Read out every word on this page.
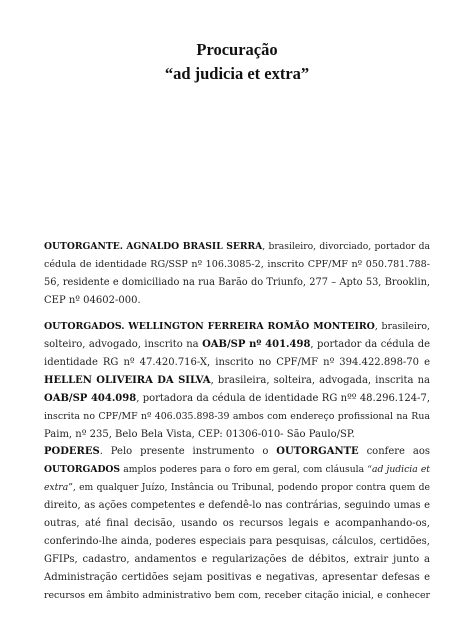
Procuração
“ad judicia et extra”
OUTORGANTE. AGNALDO BRASIL SERRA, brasileiro, divorciado, portador da
cédula de identidade RG/SSP nº 106.3085-2, inscrito CPF/MF nº 050.781.788-
56, residente e domiciliado na rua Barão do Triunfo, 277 – Apto 53, Brooklin,
CEP nº 04602-000.
OUTORGADOS. WELLINGTON FERREIRA ROMÃO MONTEIRO, brasileiro,
solteiro, advogado, inscrito na OAB/SP nº 401.498, portador da cédula de
identidade RG nº 47.420.716-X, inscrito no CPF/MF nº 394.422.898-70 e
HELLEN OLIVEIRA DA SILVA, brasileira, solteira, advogada, inscrita na
OAB/SP 404.098, portadora da cédula de identidade RG nºº 48.296.124-7,
inscrita no CPF/MF nº 406.035.898-39 ambos com endereço profissional na Rua
Paim, nº 235, Belo Bela Vista, CEP: 01306-010- São Paulo/SP.
PODERES. Pelo presente instrumento o OUTORGANTE confere aos
OUTORGADOS amplos poderes para o foro em geral, com cláusula “ad judicia et
extra”, em qualquer Juízo, Instância ou Tribunal, podendo propor contra quem de
direito, as ações competentes e defendê-lo nas contrárias, seguindo umas e
outras, até final decisão, usando os recursos legais e acompanhando-os,
conferindo-lhe ainda, poderes especiais para pesquisas, cálculos, certidões,
GFIPs, cadastro, andamentos e regularizações de débitos, extrair junto a
Administração certidões sejam positivas e negativas, apresentar defesas e
recursos em âmbito administrativo bem com, receber citação inicial, e conhecer
